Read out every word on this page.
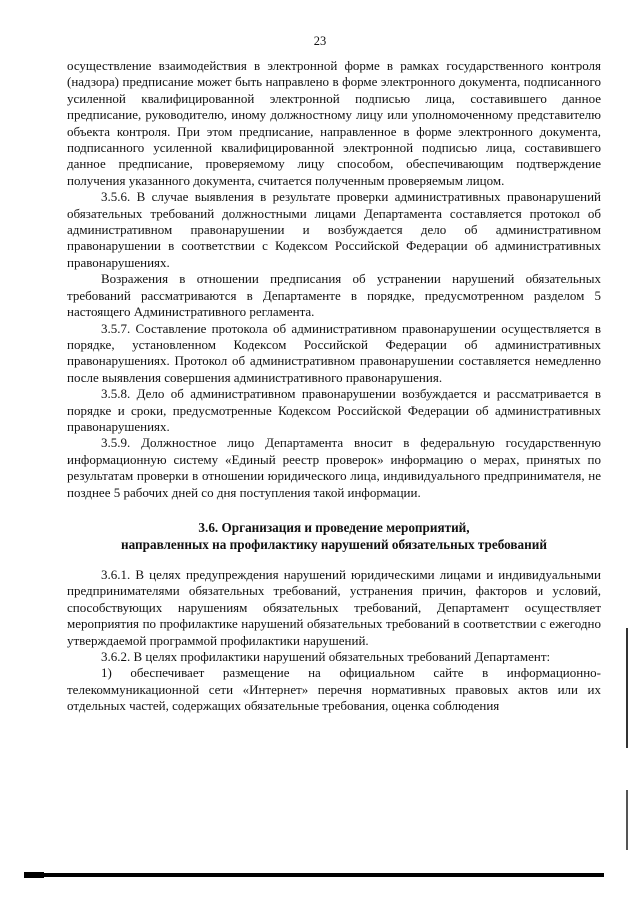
23

осуществление взаимодействия в электронной форме в рамках государственного контроля (надзора) предписание может быть направлено в форме электронного документа, подписанного усиленной квалифицированной электронной подписью лица, составившего данное предписание, руководителю, иному должностному лицу или уполномоченному представителю объекта контроля. При этом предписание, направленное в форме электронного документа, подписанного усиленной квалифицированной электронной подписью лица, составившего данное предписание, проверяемому лицу способом, обеспечивающим подтверждение получения указанного документа, считается полученным проверяемым лицом.

3.5.6. В случае выявления в результате проверки административных правонарушений обязательных требований должностными лицами Департамента составляется протокол об административном правонарушении и возбуждается дело об административном правонарушении в соответствии с Кодексом Российской Федерации об административных правонарушениях.

Возражения в отношении предписания об устранении нарушений обязательных требований рассматриваются в Департаменте в порядке, предусмотренном разделом 5 настоящего Административного регламента.

3.5.7. Составление протокола об административном правонарушении осуществляется в порядке, установленном Кодексом Российской Федерации об административных правонарушениях. Протокол об административном правонарушении составляется немедленно после выявления совершения административного правонарушения.

3.5.8. Дело об административном правонарушении возбуждается и рассматривается в порядке и сроки, предусмотренные Кодексом Российской Федерации об административных правонарушениях.

3.5.9. Должностное лицо Департамента вносит в федеральную государственную информационную систему «Единый реестр проверок» информацию о мерах, принятых по результатам проверки в отношении юридического лица, индивидуального предпринимателя, не позднее 5 рабочих дней со дня поступления такой информации.

3.6. Организация и проведение мероприятий,
направленных на профилактику нарушений обязательных требований

3.6.1. В целях предупреждения нарушений юридическими лицами и индивидуальными предпринимателями обязательных требований, устранения причин, факторов и условий, способствующих нарушениям обязательных требований, Департамент осуществляет мероприятия по профилактике нарушений обязательных требований в соответствии с ежегодно утверждаемой программой профилактики нарушений.

3.6.2. В целях профилактики нарушений обязательных требований Департамент:

1) обеспечивает размещение на официальном сайте в информационно-телекоммуникационной сети «Интернет» перечня нормативных правовых актов или их отдельных частей, содержащих обязательные требования, оценка соблюдения
